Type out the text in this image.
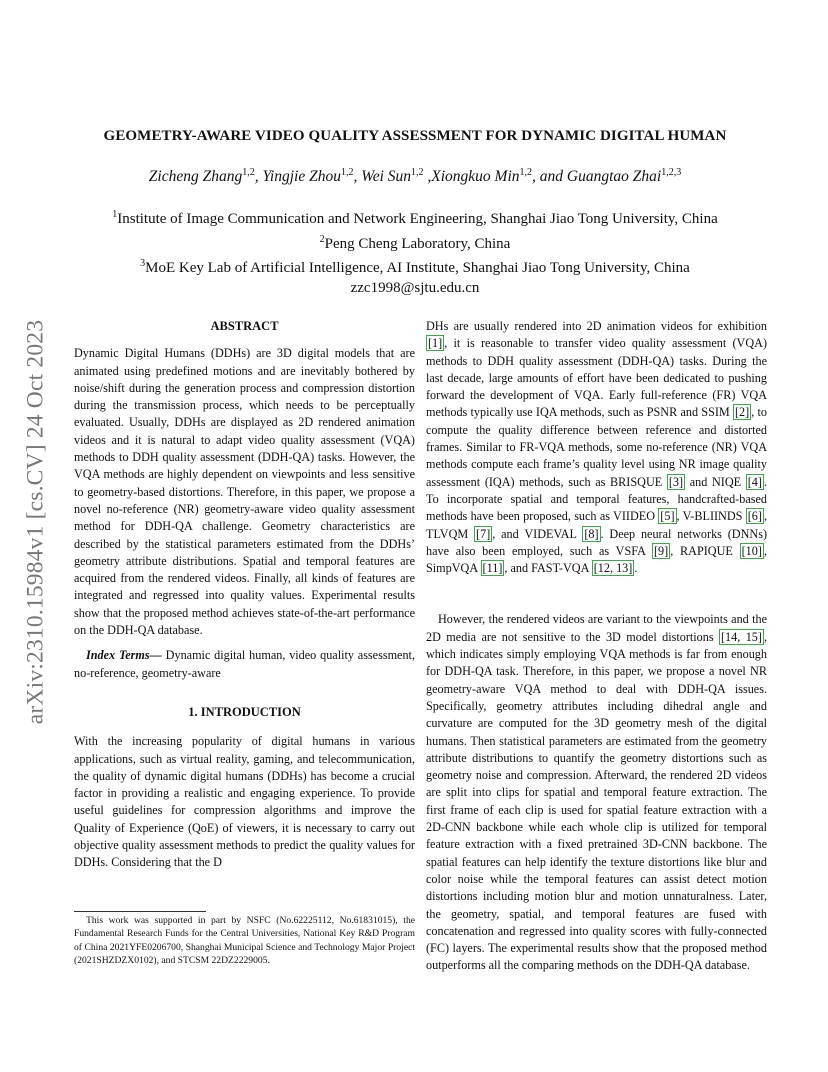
arXiv:2310.15984v1 [cs.CV] 24 Oct 2023
GEOMETRY-AWARE VIDEO QUALITY ASSESSMENT FOR DYNAMIC DIGITAL HUMAN
Zicheng Zhang$^{1,2}$, Yingjie Zhou$^{1,2}$, Wei Sun$^{1,2}$ ,Xiongkuo Min$^{1,2}$, and Guangtao Zhai$^{1,2,3}$
$^1$Institute of Image Communication and Network Engineering, Shanghai Jiao Tong University, China
$^2$Peng Cheng Laboratory, China
$^3$MoE Key Lab of Artificial Intelligence, AI Institute, Shanghai Jiao Tong University, China
zzc1998@sjtu.edu.cn
ABSTRACT

Dynamic Digital Humans (DDHs) are 3D digital models that are animated using predefined motions and are inevitably bothered by noise/shift during the generation process and compression distortion during the transmission process, which needs to be perceptually evaluated. Usually, DDHs are displayed as 2D rendered animation videos and it is natural to adapt video quality assessment (VQA) methods to DDH quality assessment (DDH-QA) tasks. However, the VQA methods are highly dependent on viewpoints and less sensitive to geometry-based distortions. Therefore, in this paper, we propose a novel no-reference (NR) geometry-aware video quality assessment method for DDH-QA challenge. Geometry characteristics are described by the statistical parameters estimated from the DDHs’ geometry attribute distributions. Spatial and temporal features are acquired from the rendered videos. Finally, all kinds of features are integrated and regressed into quality values. Experimental results show that the proposed method achieves state-of-the-art performance on the DDH-QA database.

Index Terms— Dynamic digital human, video quality assessment, no-reference, geometry-aware

1. INTRODUCTION

With the increasing popularity of digital humans in various applications, such as virtual reality, gaming, and telecommunication, the quality of dynamic digital humans (DDHs) has become a crucial factor in providing a realistic and engaging experience. To provide useful guidelines for compression algorithms and improve the Quality of Experience (QoE) of viewers, it is necessary to carry out objective quality assessment methods to predict the quality values for DDHs. Considering that the D

DHs are usually rendered into 2D animation videos for exhibition [1] , it is reasonable to transfer video quality assessment (VQA) methods to DDH quality assessment (DDH-QA) tasks. During the last decade, large amounts of effort have been dedicated to pushing forward the development of VQA. Early full-reference (FR) VQA methods typically use IQA methods, such as PSNR and SSIM [2] , to compute the quality difference between reference and distorted frames. Similar to FR-VQA methods, some no-reference (NR) VQA methods compute each frame’s quality level using NR image quality assessment (IQA) methods, such as BRISQUE [3] and NIQE [4] . To incorporate spatial and temporal features, handcrafted-based methods have been proposed, such as VIIDEO [5] , V-BLIINDS [6] , TLVQM [7] , and VIDEVAL [8] . Deep neural networks (DNNs) have also been employed, such as VSFA [9] , RAPIQUE [10] , SimpVQA [11] , and FAST-VQA [12, 13] .

However, the rendered videos are variant to the viewpoints and the 2D media are not sensitive to the 3D model distortions [14, 15] , which indicates simply employing VQA methods is far from enough for DDH-QA task. Therefore, in this paper, we propose a novel NR geometry-aware VQA method to deal with DDH-QA issues. Specifically, geometry attributes including dihedral angle and curvature are computed for the 3D geometry mesh of the digital humans. Then statistical parameters are estimated from the geometry attribute distributions to quantify the geometry distortions such as geometry noise and compression. Afterward, the rendered 2D videos are split into clips for spatial and temporal feature extraction. The first frame of each clip is used for spatial feature extraction with a 2D-CNN backbone while each whole clip is utilized for temporal feature extraction with a fixed pretrained 3D-CNN backbone. The spatial features can help identify the texture distortions like blur and color noise while the temporal features can assist detect motion distortions including motion blur and motion unnaturalness. Later, the geometry, spatial, and temporal features are fused with concatenation and regressed into quality scores with fully-connected (FC) layers. The experimental results show that the proposed method outperforms all the comparing methods on the DDH-QA database.

This work was supported in part by NSFC (No.62225112, No.61831015), the Fundamental Research Funds for the Central Universities, National Key R&D Program of China 2021YFE0206700, Shanghai Municipal Science and Technology Major Project (2021SHZDZX0102), and STCSM 22DZ2229005.
